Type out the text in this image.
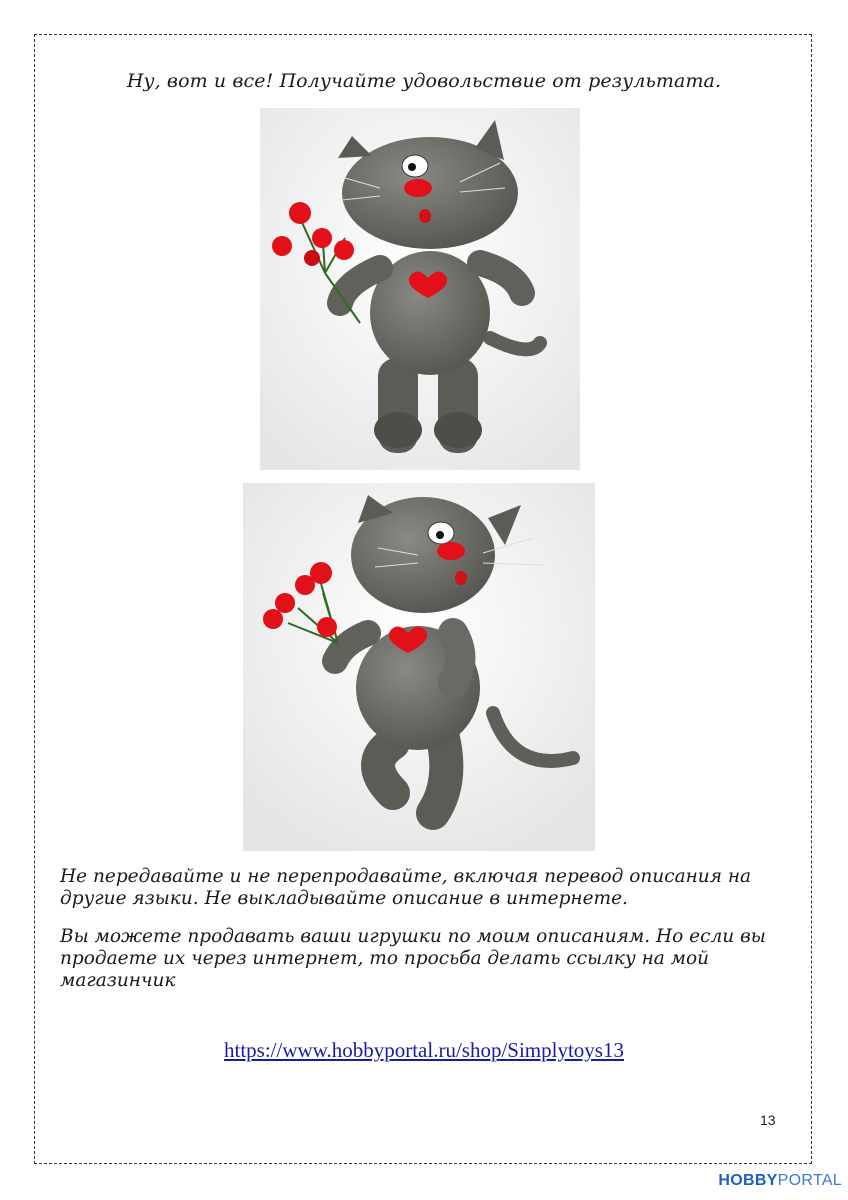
Ну, вот и все! Получайте удовольствие от результата.
Не передавайте и не перепродавайте, включая перевод описания на другие языки. Не выкладывайте описание в интернете.
Вы можете продавать ваши игрушки по моим описаниям. Но если вы продаете их через интернет, то просьба делать ссылку на мой магазинчик
https://www.hobbyportal.ru/shop/Simplytoys13
13
HOBBYPORTAL
